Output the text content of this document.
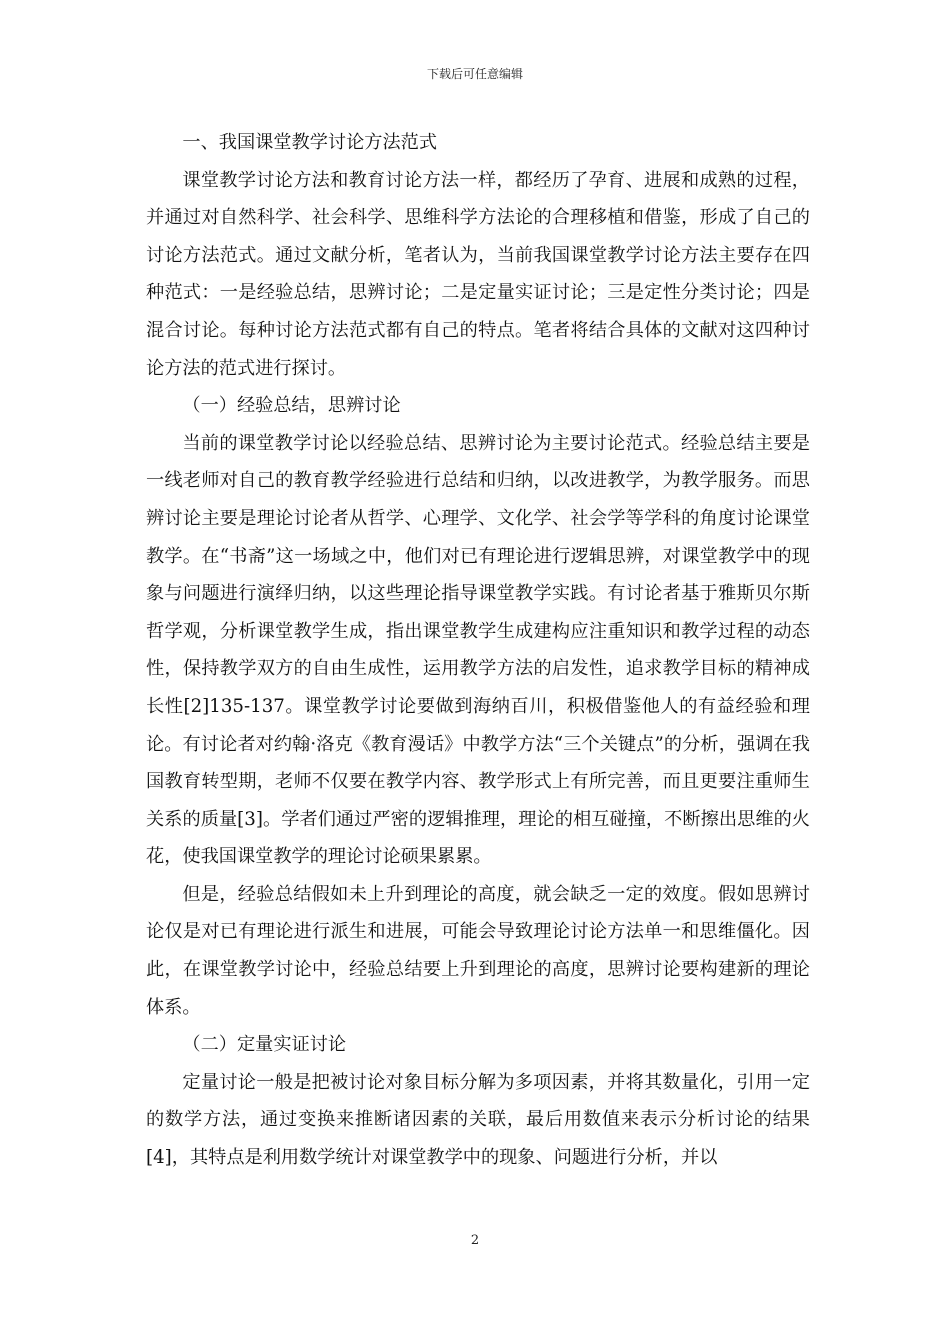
下载后可任意编辑

一、我国课堂教学讨论方法范式

课堂教学讨论方法和教育讨论方法一样，都经历了孕育、进展和成熟的过程，并通过对自然科学、社会科学、思维科学方法论的合理移植和借鉴，形成了自己的讨论方法范式。通过文献分析，笔者认为，当前我国课堂教学讨论方法主要存在四种范式：一是经验总结，思辨讨论；二是定量实证讨论；三是定性分类讨论；四是混合讨论。每种讨论方法范式都有自己的特点。笔者将结合具体的文献对这四种讨论方法的范式进行探讨。

（一）经验总结，思辨讨论

当前的课堂教学讨论以经验总结、思辨讨论为主要讨论范式。经验总结主要是一线老师对自己的教育教学经验进行总结和归纳，以改进教学，为教学服务。而思辨讨论主要是理论讨论者从哲学、心理学、文化学、社会学等学科的角度讨论课堂教学。在“书斋”这一场域之中，他们对已有理论进行逻辑思辨，对课堂教学中的现象与问题进行演绎归纳，以这些理论指导课堂教学实践。有讨论者基于雅斯贝尔斯哲学观，分析课堂教学生成，指出课堂教学生成建构应注重知识和教学过程的动态性，保持教学双方的自由生成性，运用教学方法的启发性，追求教学目标的精神成长性[2]135-137。课堂教学讨论要做到海纳百川，积极借鉴他人的有益经验和理论。有讨论者对约翰·洛克《教育漫话》中教学方法“三个关键点”的分析，强调在我国教育转型期，老师不仅要在教学内容、教学形式上有所完善，而且更要注重师生关系的质量[3]。学者们通过严密的逻辑推理，理论的相互碰撞，不断擦出思维的火花，使我国课堂教学的理论讨论硕果累累。

但是，经验总结假如未上升到理论的高度，就会缺乏一定的效度。假如思辨讨论仅是对已有理论进行派生和进展，可能会导致理论讨论方法单一和思维僵化。因此，在课堂教学讨论中，经验总结要上升到理论的高度，思辨讨论要构建新的理论体系。

（二）定量实证讨论

定量讨论一般是把被讨论对象目标分解为多项因素，并将其数量化，引用一定的数学方法，通过变换来推断诸因素的关联，最后用数值来表示分析讨论的结果[4]，其特点是利用数学统计对课堂教学中的现象、问题进行分析，并以

2
